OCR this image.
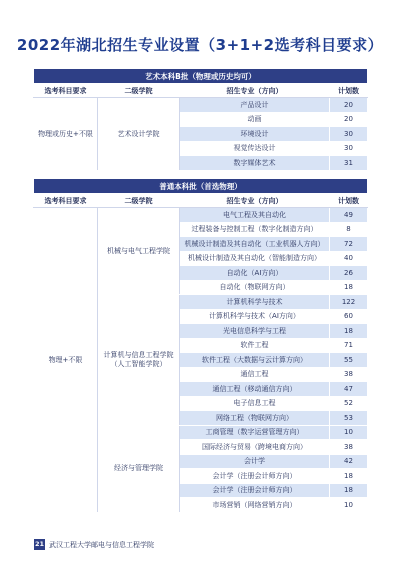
2022年湖北招生专业设置（3+1+2选考科目要求）
艺术本科B批（物理或历史均可）			
选考科目要求	二级学院	招生专业（方向）	计划数
物理或历史+不限	艺术设计学院	产品设计	20
		动画	20
		环境设计	30
		视觉传达设计	30
		数字媒体艺术	31
普通本科批（首选物理）			
选考科目要求	二级学院	招生专业（方向）	计划数
物理+不限	机械与电气工程学院	电气工程及其自动化	49
		过程装备与控制工程（数字化制造方向）	8
		机械设计制造及其自动化（工业机器人方向）	72
		机械设计制造及其自动化（智能制造方向）	40
		自动化（AI方向）	26
		自动化（物联网方向）	18
	计算机与信息工程学院（人工智能学院）	计算机科学与技术	122
		计算机科学与技术（AI方向）	60
		光电信息科学与工程	18
		软件工程	71
		软件工程（大数据与云计算方向）	55
		通信工程	38
		通信工程（移动通信方向）	47
		电子信息工程	52
		网络工程（物联网方向）	53
	经济与管理学院	工商管理（数字运营管理方向）	10
		国际经济与贸易（跨境电商方向）	38
		会计学	42
		会计学（注册会计师方向）	18
		会计学（注册会计师方向）	18
		市场营销（网络营销方向）	10
21 武汉工程大学邮电与信息工程学院
